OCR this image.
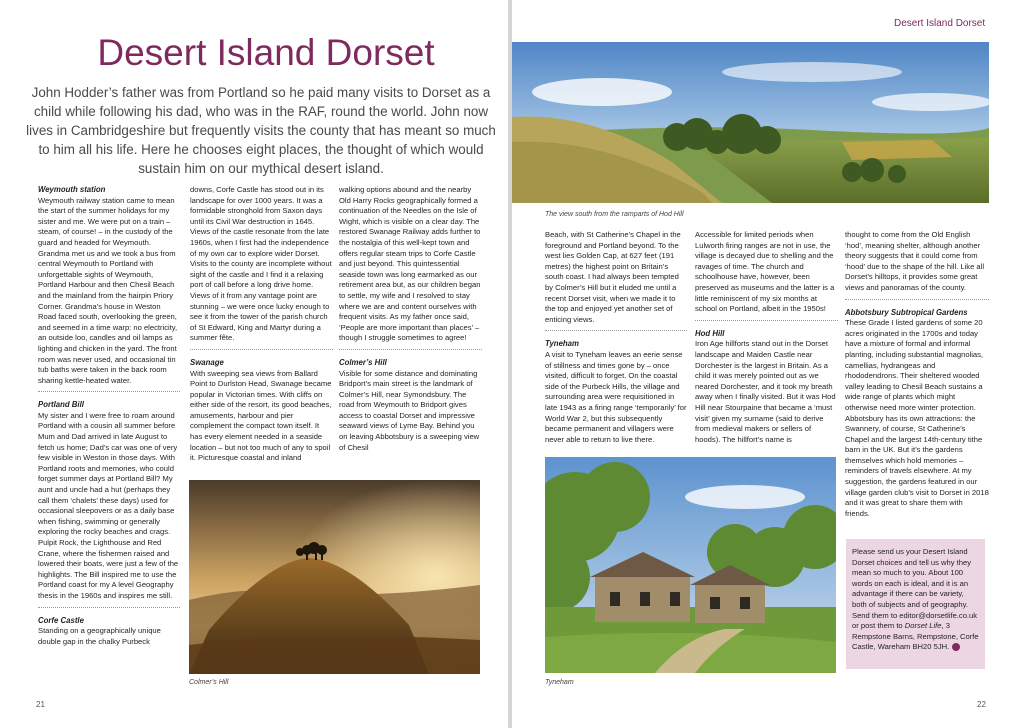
Desert Island Dorset
Desert Island Dorset
John Hodder’s father was from Portland so he paid many visits to Dorset as a child while following his dad, who was in the RAF, round the world. John now lives in Cambridgeshire but frequently visits the county that has meant so much to him all his life. Here he chooses eight places, the thought of which would sustain him on our mythical desert island.

Weymouth station

Weymouth railway station came to mean the start of the summer holidays for my sister and me. We were put on a train – steam, of course! – in the custody of the guard and headed for Weymouth. Grandma met us and we took a bus from central Weymouth to Portland with unforgettable sights of Weymouth, Portland Harbour and then Chesil Beach and the mainland from the hairpin Priory Corner. Grandma’s house in Weston Road faced south, overlooking the green, and seemed in a time warp: no electricity, an outside loo, candles and oil lamps as lighting and chicken in the yard. The front room was never used, and occasional tin tub baths were taken in the back room sharing kettle-heated water.

Portland Bill

My sister and I were free to roam around Portland with a cousin all summer before Mum and Dad arrived in late August to fetch us home; Dad’s car was one of very few visible in Weston in those days. With Portland roots and memories, who could forget summer days at Portland Bill? My aunt and uncle had a hut (perhaps they call them ‘chalets’ these days) used for occasional sleepovers or as a daily base when fishing, swimming or generally exploring the rocky beaches and crags. Pulpit Rock, the Lighthouse and Red Crane, where the fishermen raised and lowered their boats, were just a few of the highlights. The Bill inspired me to use the Portland coast for my A level Geography thesis in the 1960s and inspires me still.

Corfe Castle

Standing on a geographically unique double gap in the chalky Purbeck

downs, Corfe Castle has stood out in its landscape for over 1000 years. It was a formidable stronghold from Saxon days until its Civil War destruction in 1645. Views of the castle resonate from the late 1960s, when I first had the independence of my own car to explore wider Dorset. Visits to the county are incomplete without sight of the castle and I find it a relaxing port of call before a long drive home. Views of it from any vantage point are stunning – we were once lucky enough to see it from the tower of the parish church of St Edward, King and Martyr during a summer fête.

Swanage

With sweeping sea views from Ballard Point to Durlston Head, Swanage became popular in Victorian times. With cliffs on either side of the resort, its good beaches, amusements, harbour and pier complement the compact town itself. It has every element needed in a seaside location – but not too much of any to spoil it. Picturesque coastal and inland

walking options abound and the nearby Old Harry Rocks geographically formed a continuation of the Needles on the Isle of Wight, which is visible on a clear day. The restored Swanage Railway adds further to the nostalgia of this well-kept town and offers regular steam trips to Corfe Castle and just beyond. This quintessential seaside town was long earmarked as our retirement area but, as our children began to settle, my wife and I resolved to stay where we are and content ourselves with frequent visits. As my father once said, ‘People are more important than places’ – though I struggle sometimes to agree!

Colmer’s Hill

Visible for some distance and dominating Bridport’s main street is the landmark of Colmer’s Hill, near Symondsbury. The road from Weymouth to Bridport gives access to coastal Dorset and impressive seaward views of Lyme Bay. Behind you on leaving Abbotsbury is a sweeping view of Chesil

Colmer’s Hill
The view south from the ramparts of Hod Hill

Beach, with St Catherine’s Chapel in the foreground and Portland beyond. To the west lies Golden Cap, at 627 feet (191 metres) the highest point on Britain’s south coast. I had always been tempted by Colmer’s Hill but it eluded me until a recent Dorset visit, when we made it to the top and enjoyed yet another set of enticing views.

Tyneham

A visit to Tyneham leaves an eerie sense of stillness and times gone by – once visited, difficult to forget. On the coastal side of the Purbeck Hills, the village and surrounding area were requisitioned in late 1943 as a firing range ‘temporarily’ for World War 2, but this subsequently became permanent and villagers were never able to return to live there.

Accessible for limited periods when Lulworth firing ranges are not in use, the village is decayed due to shelling and the ravages of time. The church and schoolhouse have, however, been preserved as museums and the latter is a little reminiscent of my six months at school on Portland, albeit in the 1950s!

Hod Hill

Iron Age hillforts stand out in the Dorset landscape and Maiden Castle near Dorchester is the largest in Britain. As a child it was merely pointed out as we neared Dorchester, and it took my breath away when I finally visited. But it was Hod Hill near Stourpaine that became a ‘must visit’ given my surname (said to derive from medieval makers or sellers of hoods). The hillfort’s name is

thought to come from the Old English ‘hod’, meaning shelter, although another theory suggests that it could come from ‘hood’ due to the shape of the hill. Like all Dorset’s hilltops, it provides some great views and panoramas of the county.

Abbotsbury Subtropical Gardens

These Grade I listed gardens of some 20 acres originated in the 1700s and today have a mixture of formal and informal planting, including substantial magnolias, camellias, hydrangeas and rhododendrons. Their sheltered wooded valley leading to Chesil Beach sustains a wide range of plants which might otherwise need more winter protection. Abbotsbury has its own attractions: the Swannery, of course, St Catherine’s Chapel and the largest 14th-century tithe barn in the UK. But it’s the gardens themselves which hold memories – reminders of travels elsewhere. At my suggestion, the gardens featured in our village garden club’s visit to Dorset in 2018 and it was great to share them with friends.

Tyneham
Please send us your Desert Island Dorset choices and tell us why they mean so much to you. About 100 words on each is ideal, and it is an advantage if there can be variety, both of subjects and of geography. Send them to editor@dorsetlife.co.uk or post them to Dorset Life, 3 Rempstone Barns, Rempstone, Corfe Castle, Wareham BH20 5JH.
21	22
